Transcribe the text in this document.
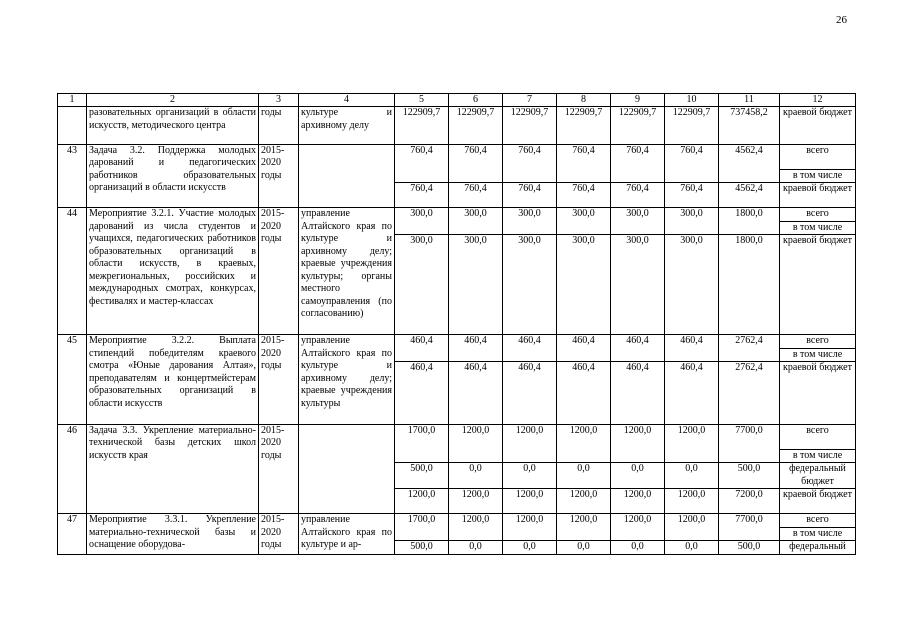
26
1	2	3	4	5	6	7	8	9	10	11	12
	разовательных организаций в области искусств, методического центра	годы	культуре и архивному делу	122909,7	122909,7	122909,7	122909,7	122909,7	122909,7	737458,2	краевой бюджет
43	Задача 3.2. Поддержка молодых дарований и педагогических работников образовательных организаций в области искусств	2015-2020 годы		760,4	760,4	760,4	760,4	760,4	760,4	4562,4	всего
											в том числе
				760,4	760,4	760,4	760,4	760,4	760,4	4562,4	краевой бюджет
44	Мероприятие 3.2.1. Участие молодых дарований из числа студентов и учащихся, педагогических работников образовательных организаций в области искусств, в краевых, межрегиональных, российских и международных смотрах, конкурсах, фестивалях и мастер-классах	2015-2020 годы	управление Алтайского края по культуре и архивному делу; краевые учреждения культуры; органы местного самоуправления (по согласованию)	300,0	300,0	300,0	300,0	300,0	300,0	1800,0	всего
											в том числе
				300,0	300,0	300,0	300,0	300,0	300,0	1800,0	краевой бюджет
45	Мероприятие 3.2.2. Выплата стипендий победителям краевого смотра «Юные дарования Алтая», преподавателям и концертмейстерам образовательных организаций в области искусств	2015-2020 годы	управление Алтайского края по культуре и архивному делу; краевые учреждения культуры	460,4	460,4	460,4	460,4	460,4	460,4	2762,4	всего
											в том числе
				460,4	460,4	460,4	460,4	460,4	460,4	2762,4	краевой бюджет
46	Задача 3.3. Укрепление материально-технической базы детских школ искусств края	2015-2020 годы		1700,0	1200,0	1200,0	1200,0	1200,0	1200,0	7700,0	всего
											в том числе
				500,0	0,0	0,0	0,0	0,0	0,0	500,0	федеральный бюджет
				1200,0	1200,0	1200,0	1200,0	1200,0	1200,0	7200,0	краевой бюджет
47	Мероприятие 3.3.1. Укрепление материально-технической базы и оснащение оборудова-	2015-2020 годы	управление Алтайского края по культуре и ар-	1700,0	1200,0	1200,0	1200,0	1200,0	1200,0	7700,0	всего
											в том числе
				500,0	0,0	0,0	0,0	0,0	0,0	500,0	федеральный
